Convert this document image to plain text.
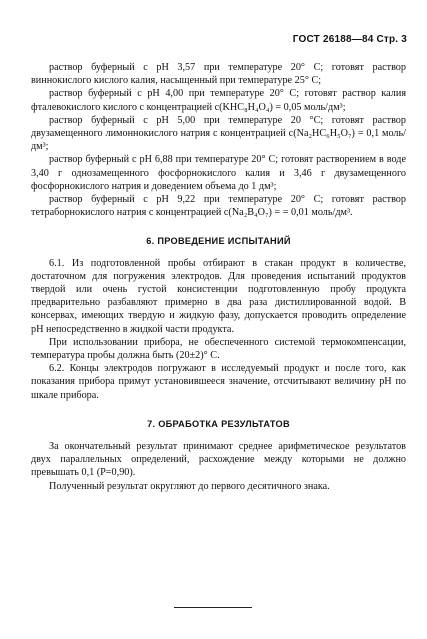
ГОСТ 26188—84 Стр. 3

раствор буферный с рН 3,57 при температуре 20° С; готовят раствор виннокислого кислого калия, насыщенный при температуре 25° С;

раствор буферный с рН 4,00 при температуре 20° С; готовят раствор калия фталевокислого кислого с концентрацией c(KHC₈H₄O₄) = 0,05 моль/дм³;

раствор буферный с рН 5,00 при температуре 20 °С; готовят раствор двузамещенного лимоннокислого натрия с концентрацией c(Na₂HC₆H₅O₇) = 0,1 моль/дм³;

раствор буферный с рН 6,88 при температуре 20° С; готовят растворением в воде 3,40 г однозамещенного фосфорнокислого калия и 3,46 г двузамещенного фосфорнокислого натрия и доведением объема до 1 дм³;

раствор буферный с рН 9,22 при температуре 20° С; готовят раствор тетраборнокислого натрия с концентрацией c(Na₂B₄O₇) = = 0,01 моль/дм³.

6. ПРОВЕДЕНИЕ ИСПЫТАНИЙ

6.1. Из подготовленной пробы отбирают в стакан продукт в количестве, достаточном для погружения электродов. Для проведения испытаний продуктов твердой или очень густой консистенции подготовленную пробу продукта предварительно разбавляют примерно в два раза дистиллированной водой. В консервах, имеющих твердую и жидкую фазу, допускается проводить определение рН непосредственно в жидкой части продукта.

При использовании прибора, не обеспеченного системой термокомпенсации, температура пробы должна быть (20±2)° С.

6.2. Концы электродов погружают в исследуемый продукт и после того, как показания прибора примут установившееся значение, отсчитывают величину рН по шкале прибора.

7. ОБРАБОТКА РЕЗУЛЬТАТОВ

За окончательный результат принимают среднее арифметическое результатов двух параллельных определений, расхождение между которыми не должно превышать 0,1 (P=0,90).

Полученный результат округляют до первого десятичного знака.
